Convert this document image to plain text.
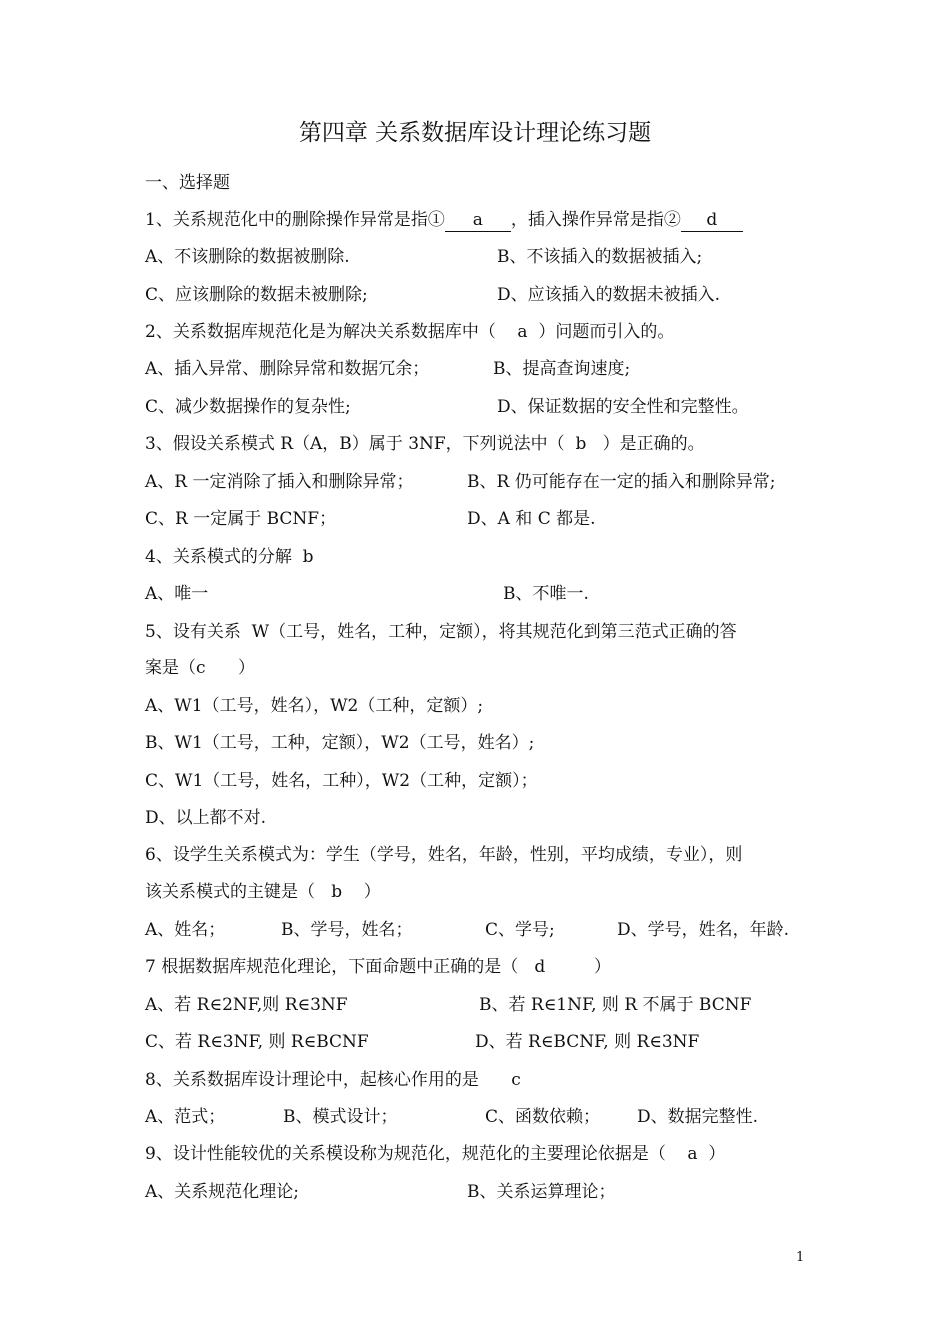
第四章 关系数据库设计理论练习题
一、选择题
1、关系规范化中的删除操作异常是指① a ，插入操作异常是指② d
A、不该删除的数据被删除.	B、不该插入的数据被插入;
C、应该删除的数据未被删除;	D、应该插入的数据未被插入.
2、关系数据库规范化是为解决关系数据库中（    a  ）问题而引入的。
A、插入异常、删除异常和数据冗余；	B、提高查询速度;
C、减少数据操作的复杂性;	D、保证数据的安全性和完整性。
3、假设关系模式 R（A，B）属于 3NF，下列说法中（  b   ）是正确的。
A、R 一定消除了插入和删除异常；	B、R 仍可能存在一定的插入和删除异常;
C、R 一定属于 BCNF；	D、A 和 C 都是.
4、关系模式的分解  b
A、唯一	B、不唯一.
5、设有关系  W（工号，姓名，工种，定额），将其规范化到第三范式正确的答
案是（c      ）
A、W1（工号，姓名），W2（工种，定额）;
B、W1（工号，工种，定额），W2（工号，姓名）;
C、W1（工号，姓名，工种），W2（工种，定额）；
D、以上都不对.
6、设学生关系模式为：学生（学号，姓名，年龄，性别，平均成绩，专业），则
该关系模式的主键是（   b    ）
A、姓名；	B、学号，姓名；	C、学号;	D、学号，姓名，年龄.
7 根据数据库规范化理论，下面命题中正确的是（   d         ）
A、若 R∈2NF,则 R∈3NF	B、若 R∈1NF, 则 R 不属于 BCNF
C、若 R∈3NF, 则 R∈BCNF	D、若 R∈BCNF, 则 R∈3NF
8、关系数据库设计理论中，起核心作用的是      c
A、范式；	B、模式设计；	C、函数依赖； D、数据完整性.
9、设计性能较优的关系模设称为规范化，规范化的主要理论依据是（    a  ）
A、关系规范化理论;	B、关系运算理论；
1
